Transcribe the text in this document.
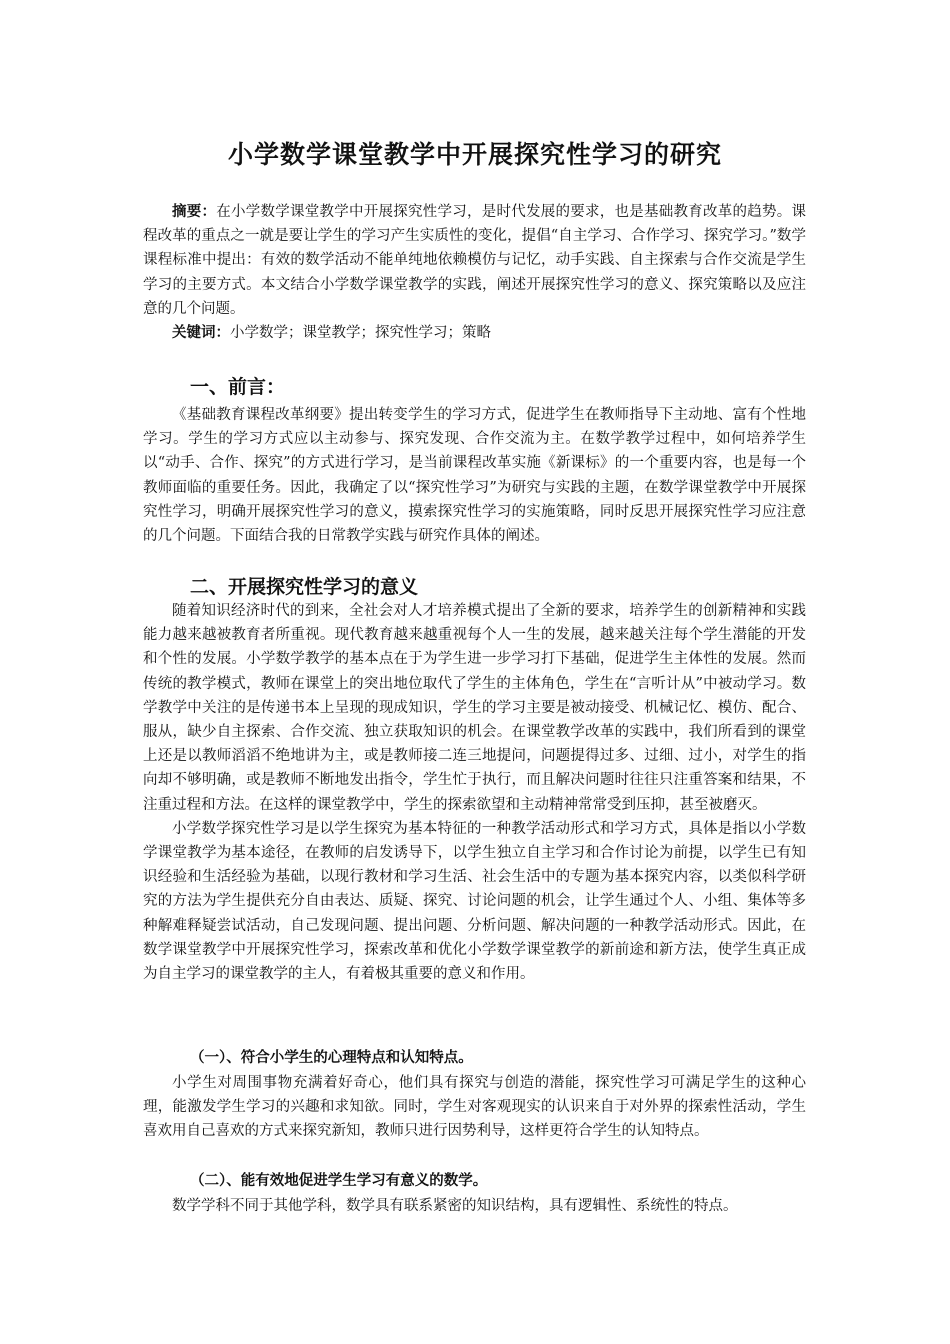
小学数学课堂教学中开展探究性学习的研究

摘要：在小学数学课堂教学中开展探究性学习，是时代发展的要求，也是基础教育改革的趋势。课程改革的重点之一就是要让学生的学习产生实质性的变化，提倡“自主学习、合作学习、探究学习。”数学课程标准中提出：有效的数学活动不能单纯地依赖模仿与记忆，动手实践、自主探索与合作交流是学生学习的主要方式。本文结合小学数学课堂教学的实践，阐述开展探究性学习的意义、探究策略以及应注意的几个问题。

关键词：小学数学；课堂教学；探究性学习；策略

一、前言：

《基础教育课程改革纲要》提出转变学生的学习方式，促进学生在教师指导下主动地、富有个性地学习。学生的学习方式应以主动参与、探究发现、合作交流为主。在数学教学过程中，如何培养学生以“动手、合作、探究”的方式进行学习，是当前课程改革实施《新课标》的一个重要内容，也是每一个教师面临的重要任务。因此，我确定了以“探究性学习”为研究与实践的主题，在数学课堂教学中开展探究性学习，明确开展探究性学习的意义，摸索探究性学习的实施策略，同时反思开展探究性学习应注意的几个问题。下面结合我的日常教学实践与研究作具体的阐述。

二、开展探究性学习的意义

随着知识经济时代的到来，全社会对人才培养模式提出了全新的要求，培养学生的创新精神和实践能力越来越被教育者所重视。现代教育越来越重视每个人一生的发展，越来越关注每个学生潜能的开发和个性的发展。小学数学教学的基本点在于为学生进一步学习打下基础，促进学生主体性的发展。然而传统的教学模式，教师在课堂上的突出地位取代了学生的主体角色，学生在“言听计从”中被动学习。数学教学中关注的是传递书本上呈现的现成知识，学生的学习主要是被动接受、机械记忆、模仿、配合、服从，缺少自主探索、合作交流、独立获取知识的机会。在课堂教学改革的实践中，我们所看到的课堂上还是以教师滔滔不绝地讲为主，或是教师接二连三地提问，问题提得过多、过细、过小，对学生的指向却不够明确，或是教师不断地发出指令，学生忙于执行，而且解决问题时往往只注重答案和结果，不注重过程和方法。在这样的课堂教学中，学生的探索欲望和主动精神常常受到压抑，甚至被磨灭。

小学数学探究性学习是以学生探究为基本特征的一种教学活动形式和学习方式，具体是指以小学数学课堂教学为基本途径，在教师的启发诱导下，以学生独立自主学习和合作讨论为前提，以学生已有知识经验和生活经验为基础，以现行教材和学习生活、社会生活中的专题为基本探究内容，以类似科学研究的方法为学生提供充分自由表达、质疑、探究、讨论问题的机会，让学生通过个人、小组、集体等多种解难释疑尝试活动，自己发现问题、提出问题、分析问题、解决问题的一种教学活动形式。因此，在数学课堂教学中开展探究性学习，探索改革和优化小学数学课堂教学的新前途和新方法，使学生真正成为自主学习的课堂教学的主人，有着极其重要的意义和作用。

（一）、符合小学生的心理特点和认知特点。

小学生对周围事物充满着好奇心，他们具有探究与创造的潜能，探究性学习可满足学生的这种心理，能激发学生学习的兴趣和求知欲。同时，学生对客观现实的认识来自于对外界的探索性活动，学生喜欢用自己喜欢的方式来探究新知，教师只进行因势利导，这样更符合学生的认知特点。

（二）、能有效地促进学生学习有意义的数学。

数学学科不同于其他学科，数学具有联系紧密的知识结构，具有逻辑性、系统性的特点。
